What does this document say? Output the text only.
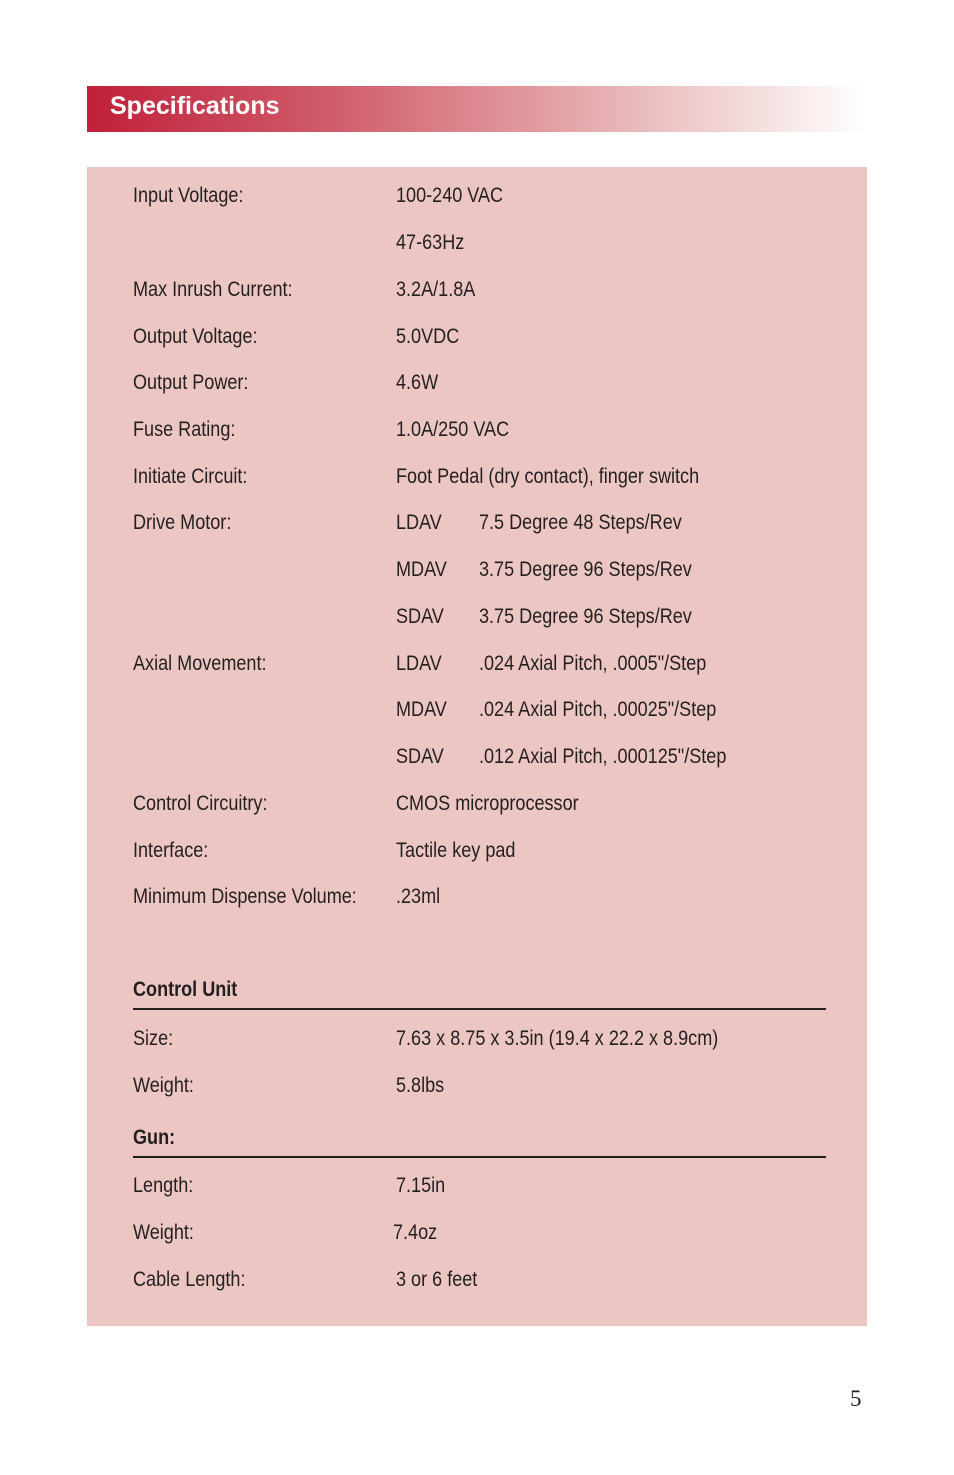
Specifications
Input Voltage:	100-240 VAC
47-63Hz
Max Inrush Current:	3.2A/1.8A
Output Voltage:	5.0VDC
Output Power:	4.6W
Fuse Rating:	1.0A/250 VAC
Initiate Circuit:	Foot Pedal (dry contact), finger switch
Drive Motor:	LDAV 7.5 Degree 48 Steps/Rev
MDAV 3.75 Degree 96 Steps/Rev
SDAV 3.75 Degree 96 Steps/Rev
Axial Movement:	LDAV .024 Axial Pitch, .0005"/Step
MDAV .024 Axial Pitch, .00025"/Step
SDAV .012 Axial Pitch, .000125"/Step
Control Circuitry:	CMOS microprocessor
Interface:	Tactile key pad
Minimum Dispense Volume: .23ml
Control Unit
Size:	7.63 x 8.75 x 3.5in (19.4 x 22.2 x 8.9cm)
Weight:	5.8lbs
Gun:
Length:	7.15in
Weight:	7.4oz
Cable Length:	3 or 6 feet
5
